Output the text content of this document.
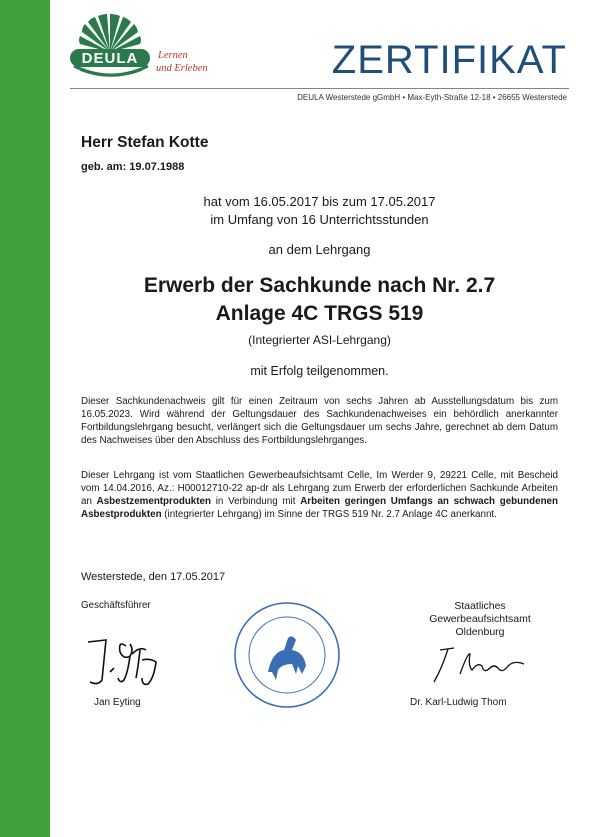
DEULA Lernen
und Erleben	ZERTIFIKAT
DEULA Westerstede gGmbH • Max-Eyth-Straße 12-18 • 26655 Westerstede
Herr Stefan Kotte
geb. am: 19.07.1988
hat vom 16.05.2017 bis zum 17.05.2017
im Umfang von 16 Unterrichtsstunden
an dem Lehrgang
Erwerb der Sachkunde nach Nr. 2.7
Anlage 4C TRGS 519
(Integrierter ASI-Lehrgang)
mit Erfolg teilgenommen.
Dieser Sachkundenachweis gilt für einen Zeitraum von sechs Jahren ab Ausstellungsdatum bis zum 16.05.2023. Wird während der Geltungsdauer des Sachkundenachweises ein behördlich anerkannter Fortbildungslehrgang besucht, verlängert sich die Geltungsdauer um sechs Jahre, gerechnet ab dem Datum des Nachweises über den Abschluss des Fortbildungslehrganges.
Dieser Lehrgang ist vom Staatlichen Gewerbeaufsichtsamt Celle, Im Werder 9, 29221 Celle, mit Bescheid vom 14.04.2016, Az.: H00012710-22 ap-dr als Lehrgang zum Erwerb der erforderlichen Sachkunde Arbeiten an Asbestzementprodukten in Verbindung mit Arbeiten geringen Umfangs an schwach gebundenen Asbestprodukten (integrierter Lehrgang) im Sinne der TRGS 519 Nr. 2.7 Anlage 4C anerkannt.
Westerstede, den 17.05.2017
Geschäftsführer
Jan Eyting
Staatliches
Gewerbeaufsichtsamt
Oldenburg
Dr. Karl-Ludwig Thom
